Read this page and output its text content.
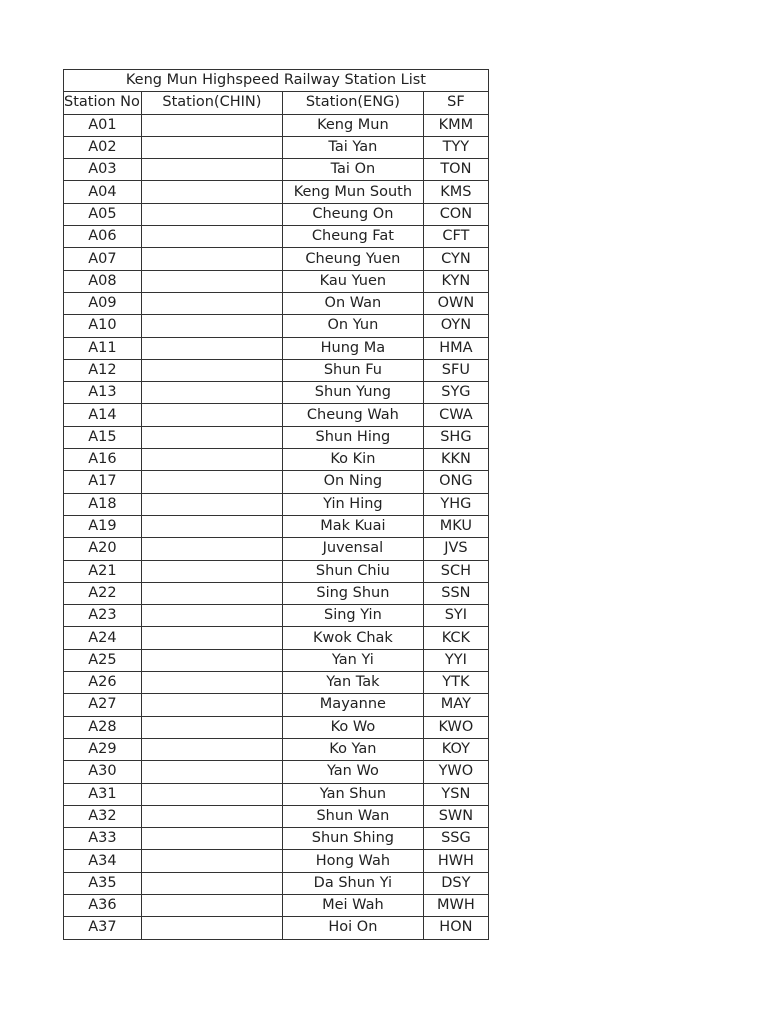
Keng Mun Highspeed Railway Station List			
Station No	Station(CHIN)	Station(ENG)	SF
A01		Keng Mun	KMM
A02		Tai Yan	TYY
A03		Tai On	TON
A04		Keng Mun South	KMS
A05		Cheung On	CON
A06		Cheung Fat	CFT
A07		Cheung Yuen	CYN
A08		Kau Yuen	KYN
A09		On Wan	OWN
A10		On Yun	OYN
A11		Hung Ma	HMA
A12		Shun Fu	SFU
A13		Shun Yung	SYG
A14		Cheung Wah	CWA
A15		Shun Hing	SHG
A16		Ko Kin	KKN
A17		On Ning	ONG
A18		Yin Hing	YHG
A19		Mak Kuai	MKU
A20		Juvensal	JVS
A21		Shun Chiu	SCH
A22		Sing Shun	SSN
A23		Sing Yin	SYI
A24		Kwok Chak	KCK
A25		Yan Yi	YYI
A26		Yan Tak	YTK
A27		Mayanne	MAY
A28		Ko Wo	KWO
A29		Ko Yan	KOY
A30		Yan Wo	YWO
A31		Yan Shun	YSN
A32		Shun Wan	SWN
A33		Shun Shing	SSG
A34		Hong Wah	HWH
A35		Da Shun Yi	DSY
A36		Mei Wah	MWH
A37		Hoi On	HON
